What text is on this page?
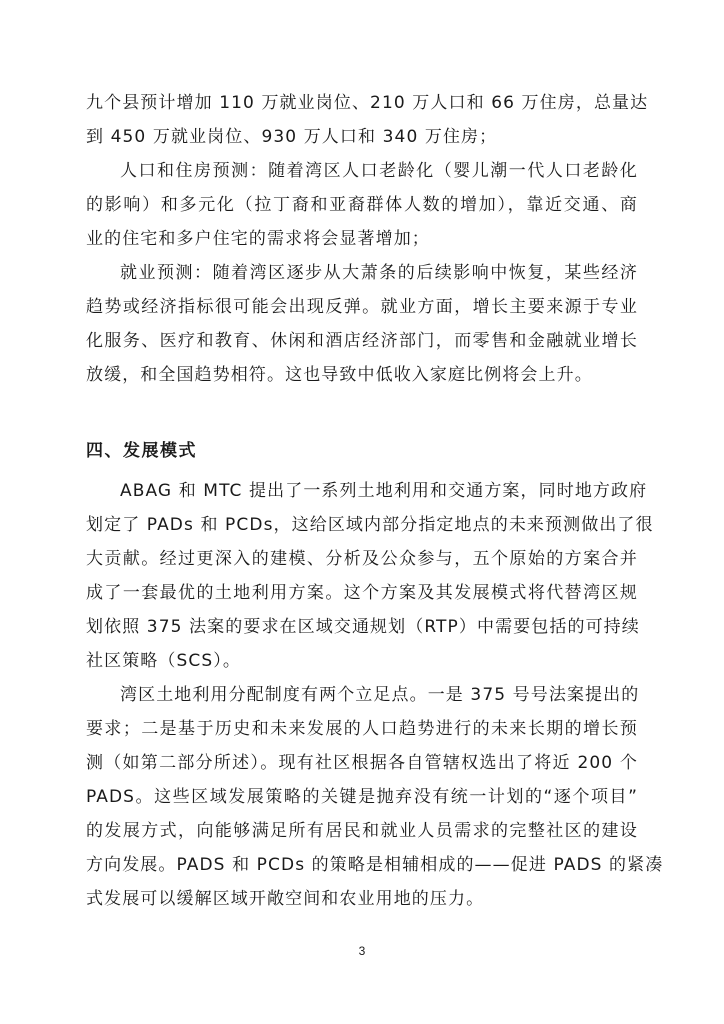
九个县预计增加 110 万就业岗位、210 万人口和 66 万住房，总量达
到 450 万就业岗位、930 万人口和 340 万住房；
人口和住房预测：随着湾区人口老龄化（婴儿潮一代人口老龄化
的影响）和多元化（拉丁裔和亚裔群体人数的增加），靠近交通、商
业的住宅和多户住宅的需求将会显著增加；
就业预测：随着湾区逐步从大萧条的后续影响中恢复，某些经济
趋势或经济指标很可能会出现反弹。就业方面，增长主要来源于专业
化服务、医疗和教育、休闲和酒店经济部门，而零售和金融就业增长
放缓，和全国趋势相符。这也导致中低收入家庭比例将会上升。
四、发展模式
ABAG 和 MTC 提出了一系列土地利用和交通方案，同时地方政府
划定了 PADs 和 PCDs，这给区域内部分指定地点的未来预测做出了很
大贡献。经过更深入的建模、分析及公众参与，五个原始的方案合并
成了一套最优的土地利用方案。这个方案及其发展模式将代替湾区规
划依照 375 法案的要求在区域交通规划（RTP）中需要包括的可持续
社区策略（SCS）。
湾区土地利用分配制度有两个立足点。一是 375 号号法案提出的
要求；二是基于历史和未来发展的人口趋势进行的未来长期的增长预
测（如第二部分所述）。现有社区根据各自管辖权选出了将近 200 个
PADS。这些区域发展策略的关键是抛弃没有统一计划的“逐个项目”
的发展方式，向能够满足所有居民和就业人员需求的完整社区的建设
方向发展。PADS 和 PCDs 的策略是相辅相成的——促进 PADS 的紧凑
式发展可以缓解区域开敞空间和农业用地的压力。
3
